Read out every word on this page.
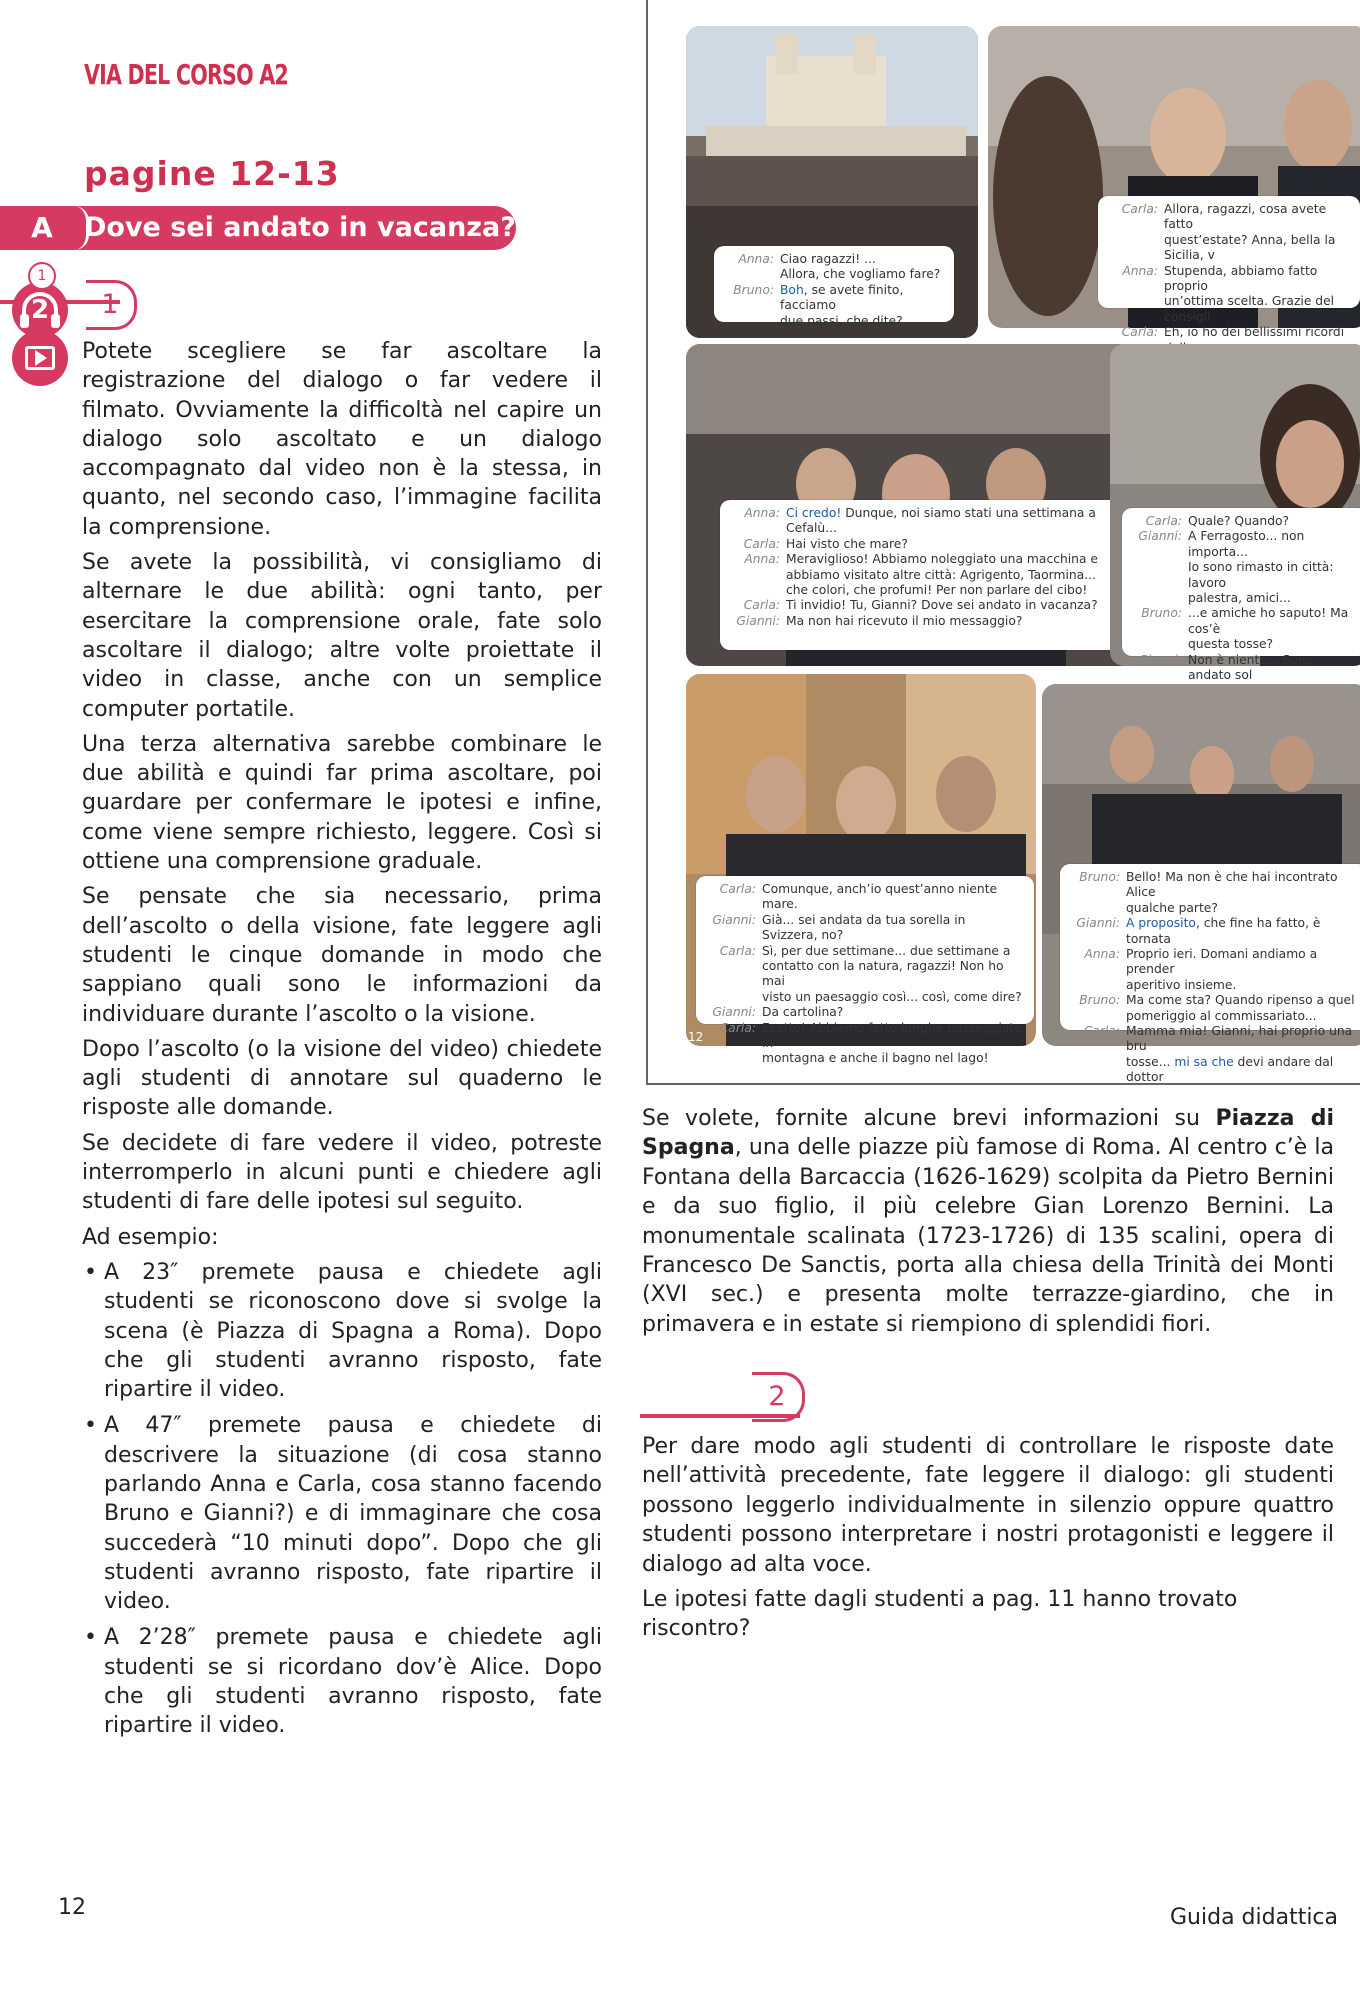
VIA DEL CORSO A2
pagine 12-13
A	Dove sei andato in vacanza?
1
2
1

Potete scegliere se far ascoltare la registrazione del dialogo o far vedere il filmato. Ovviamente la difficoltà nel capire un dialogo solo ascoltato e un dialogo accompagnato dal video non è la stessa, in quanto, nel secondo caso, l’immagine facilita la comprensione.

Se avete la possibilità, vi consigliamo di alternare le due abilità: ogni tanto, per esercitare la comprensione orale, fate solo ascoltare il dialogo; altre volte proiettate il video in classe, anche con un semplice computer portatile.

Una terza alternativa sarebbe combinare le due abilità e quindi far prima ascoltare, poi guardare per confermare le ipotesi e infine, come viene sempre richiesto, leggere. Così si ottiene una comprensione graduale.

Se pensate che sia necessario, prima dell’ascolto o della visione, fate leggere agli studenti le cinque domande in modo che sappiano quali sono le informazioni da individuare durante l’ascolto o la visione.

Dopo l’ascolto (o la visione del video) chiedete agli studenti di annotare sul quaderno le risposte alle domande.

Se decidete di fare vedere il video, potreste interromperlo in alcuni punti e chiedere agli studenti di fare delle ipotesi sul seguito.

Ad esempio:

• A 23″ premete pausa e chiedete agli studenti se riconoscono dove si svolge la scena (è Piazza di Spagna a Roma). Dopo che gli studenti avranno risposto, fate ripartire il video.
• A 47″ premete pausa e chiedete di descrivere la situazione (di cosa stanno parlando Anna e Carla, cosa stanno facendo Bruno e Gianni?) e di immaginare che cosa succederà “10 minuti dopo”. Dopo che gli studenti avranno risposto, fate ripartire il video.
• A 2’28″ premete pausa e chiedete agli studenti se si ricordano dov’è Alice. Dopo che gli studenti avranno risposto, fate ripartire il video.
Anna: Ciao ragazzi! ...
Allora, che vogliamo fare?
Bruno: Boh, se avete finito, facciamo
due passi, che dite?
Carla: Allora, ragazzi, cosa avete fatto
quest’estate? Anna, bella la Sicilia, v
Anna: Stupenda, abbiamo fatto proprio
un’ottima scelta. Grazie del consigli
Carla: Eh, io ho dei bellissimi ricordi
Anna: Ci credo! Dunque, noi siamo stati una settimana a
Cefalù...
Carla: Hai visto che mare?
Anna: Meraviglioso! Abbiamo noleggiato una macchina e
abbiamo visitato altre città: Agrigento, Taormina...
che colori, che profumi! Per non parlare del cibo!
Carla: Ti invidio! Tu, Gianni? Dove sei andato in vacanza?
Gianni: Ma non hai ricevuto il mio messaggio?
Carla: Quale? Quando?
Gianni: A Ferragosto... non importa...
Io sono rimasto in città: lavoro
palestra, amici...
Bruno: ...e amiche ho saputo! Ma cos’è
questa tosse?
Gianni: Non è niente... Sono andato sol
Carla: Comunque, anch’io quest’anno niente mare.
Gianni: Già... sei andata da tua sorella in Svizzera, no?
Carla: Sì, per due settimane... due settimane a
contatto con la natura, ragazzi! Non ho mai
visto un paesaggio così... così, come dire?
Gianni: Da cartolina?
Carla: Esatto! Abbiamo fatto lunghe passeggiate in
montagna e anche il bagno nel lago!
Bruno: Bello! Ma non è che hai incontrato Alice
qualche parte?
Gianni: A proposito, che fine ha fatto, è tornata
Anna: Proprio ieri. Domani andiamo a prender
aperitivo insieme.
Bruno: Ma come sta? Quando ripenso a quel
pomeriggio al commissariato...
Carla: Mamma mia! Gianni, hai proprio una bru
tosse... mi sa che devi andare dal dottor
12

Se volete, fornite alcune brevi informazioni su Piazza di Spagna, una delle piazze più famose di Roma. Al centro c’è la Fontana della Barcaccia (1626-1629) scolpita da Pietro Bernini e da suo figlio, il più celebre Gian Lorenzo Bernini. La monumentale scalinata (1723-1726) di 135 scalini, opera di Francesco De Sanctis, porta alla chiesa della Trinità dei Monti (XVI sec.) e presenta molte terrazze-giardino, che in primavera e in estate si riempiono di splendidi fiori.

2

Per dare modo agli studenti di controllare le risposte date nell’attività precedente, fate leggere il dialogo: gli studenti possono leggerlo individualmente in silenzio oppure quattro studenti possono interpretare i nostri protagonisti e leggere il dialogo ad alta voce.

Le ipotesi fatte dagli studenti a pag. 11 hanno trovato riscontro?

12	Guida didattica
